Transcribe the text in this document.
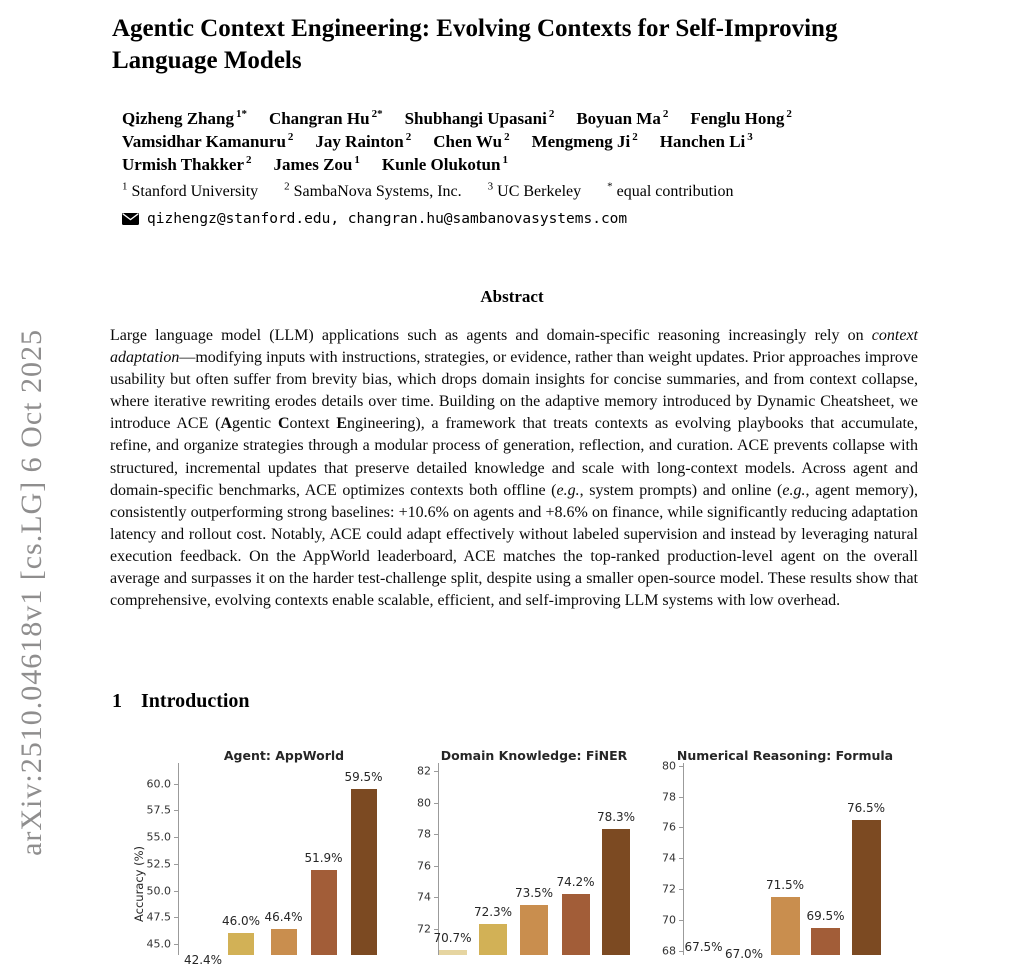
arXiv:2510.04618v1 [cs.LG] 6 Oct 2025
Agentic Context Engineering: Evolving Contexts for Self-Improving
Language Models
Qizheng Zhang $^{1*}$ Changran Hu $^{2*}$ Shubhangi Upasani $^2$ Boyuan Ma $^2$ Fenglu Hong $^2$
Vamsidhar Kamanuru $^2$ Jay Rainton $^2$ Chen Wu $^2$ Mengmeng Ji $^2$ Hanchen Li $^3$
Urmish Thakker $^2$ James Zou $^1$ Kunle Olukotun $^1$
$^1$ Stanford University $^2$ SambaNova Systems, Inc. $^3$ UC Berkeley * equal contribution
qizhengz@stanford.edu, changran.hu@sambanovasystems.com
Abstract
Large language model (LLM) applications such as agents and domain-specific reasoning increasingly rely on context adaptation—modifying inputs with instructions, strategies, or evidence, rather than weight updates. Prior approaches improve usability but often suffer from brevity bias, which drops domain insights for concise summaries, and from context collapse, where iterative rewriting erodes details over time. Building on the adaptive memory introduced by Dynamic Cheatsheet, we introduce ACE (Agentic Context Engineering), a framework that treats contexts as evolving playbooks that accumulate, refine, and organize strategies through a modular process of generation, reflection, and curation. ACE prevents collapse with structured, incremental updates that preserve detailed knowledge and scale with long-context models. Across agent and domain-specific benchmarks, ACE optimizes contexts both offline (e.g., system prompts) and online (e.g., agent memory), consistently outperforming strong baselines: +10.6% on agents and +8.6% on finance, while significantly reducing adaptation latency and rollout cost. Notably, ACE could adapt effectively without labeled supervision and instead by leveraging natural execution feedback. On the AppWorld leaderboard, ACE matches the top-ranked production-level agent on the overall average and surpasses it on the harder test-challenge split, despite using a smaller open-source model. These results show that comprehensive, evolving contexts enable scalable, efficient, and self-improving LLM systems with low overhead.
1 Introduction
Agent: AppWorld
Accuracy (%)
45.0
47.5
50.0
52.5
55.0
57.5
60.0
42.4%
46.0% 46.4%
51.9%
59.5%
Domain Knowledge: FiNER
72
74
76
78
80
82
70.7%
72.3%
73.5%
74.2%
78.3%
Numerical Reasoning: Formula
68
70
72
74
76
78
80
67.5%
67.0%
71.5%
69.5%
76.5%
